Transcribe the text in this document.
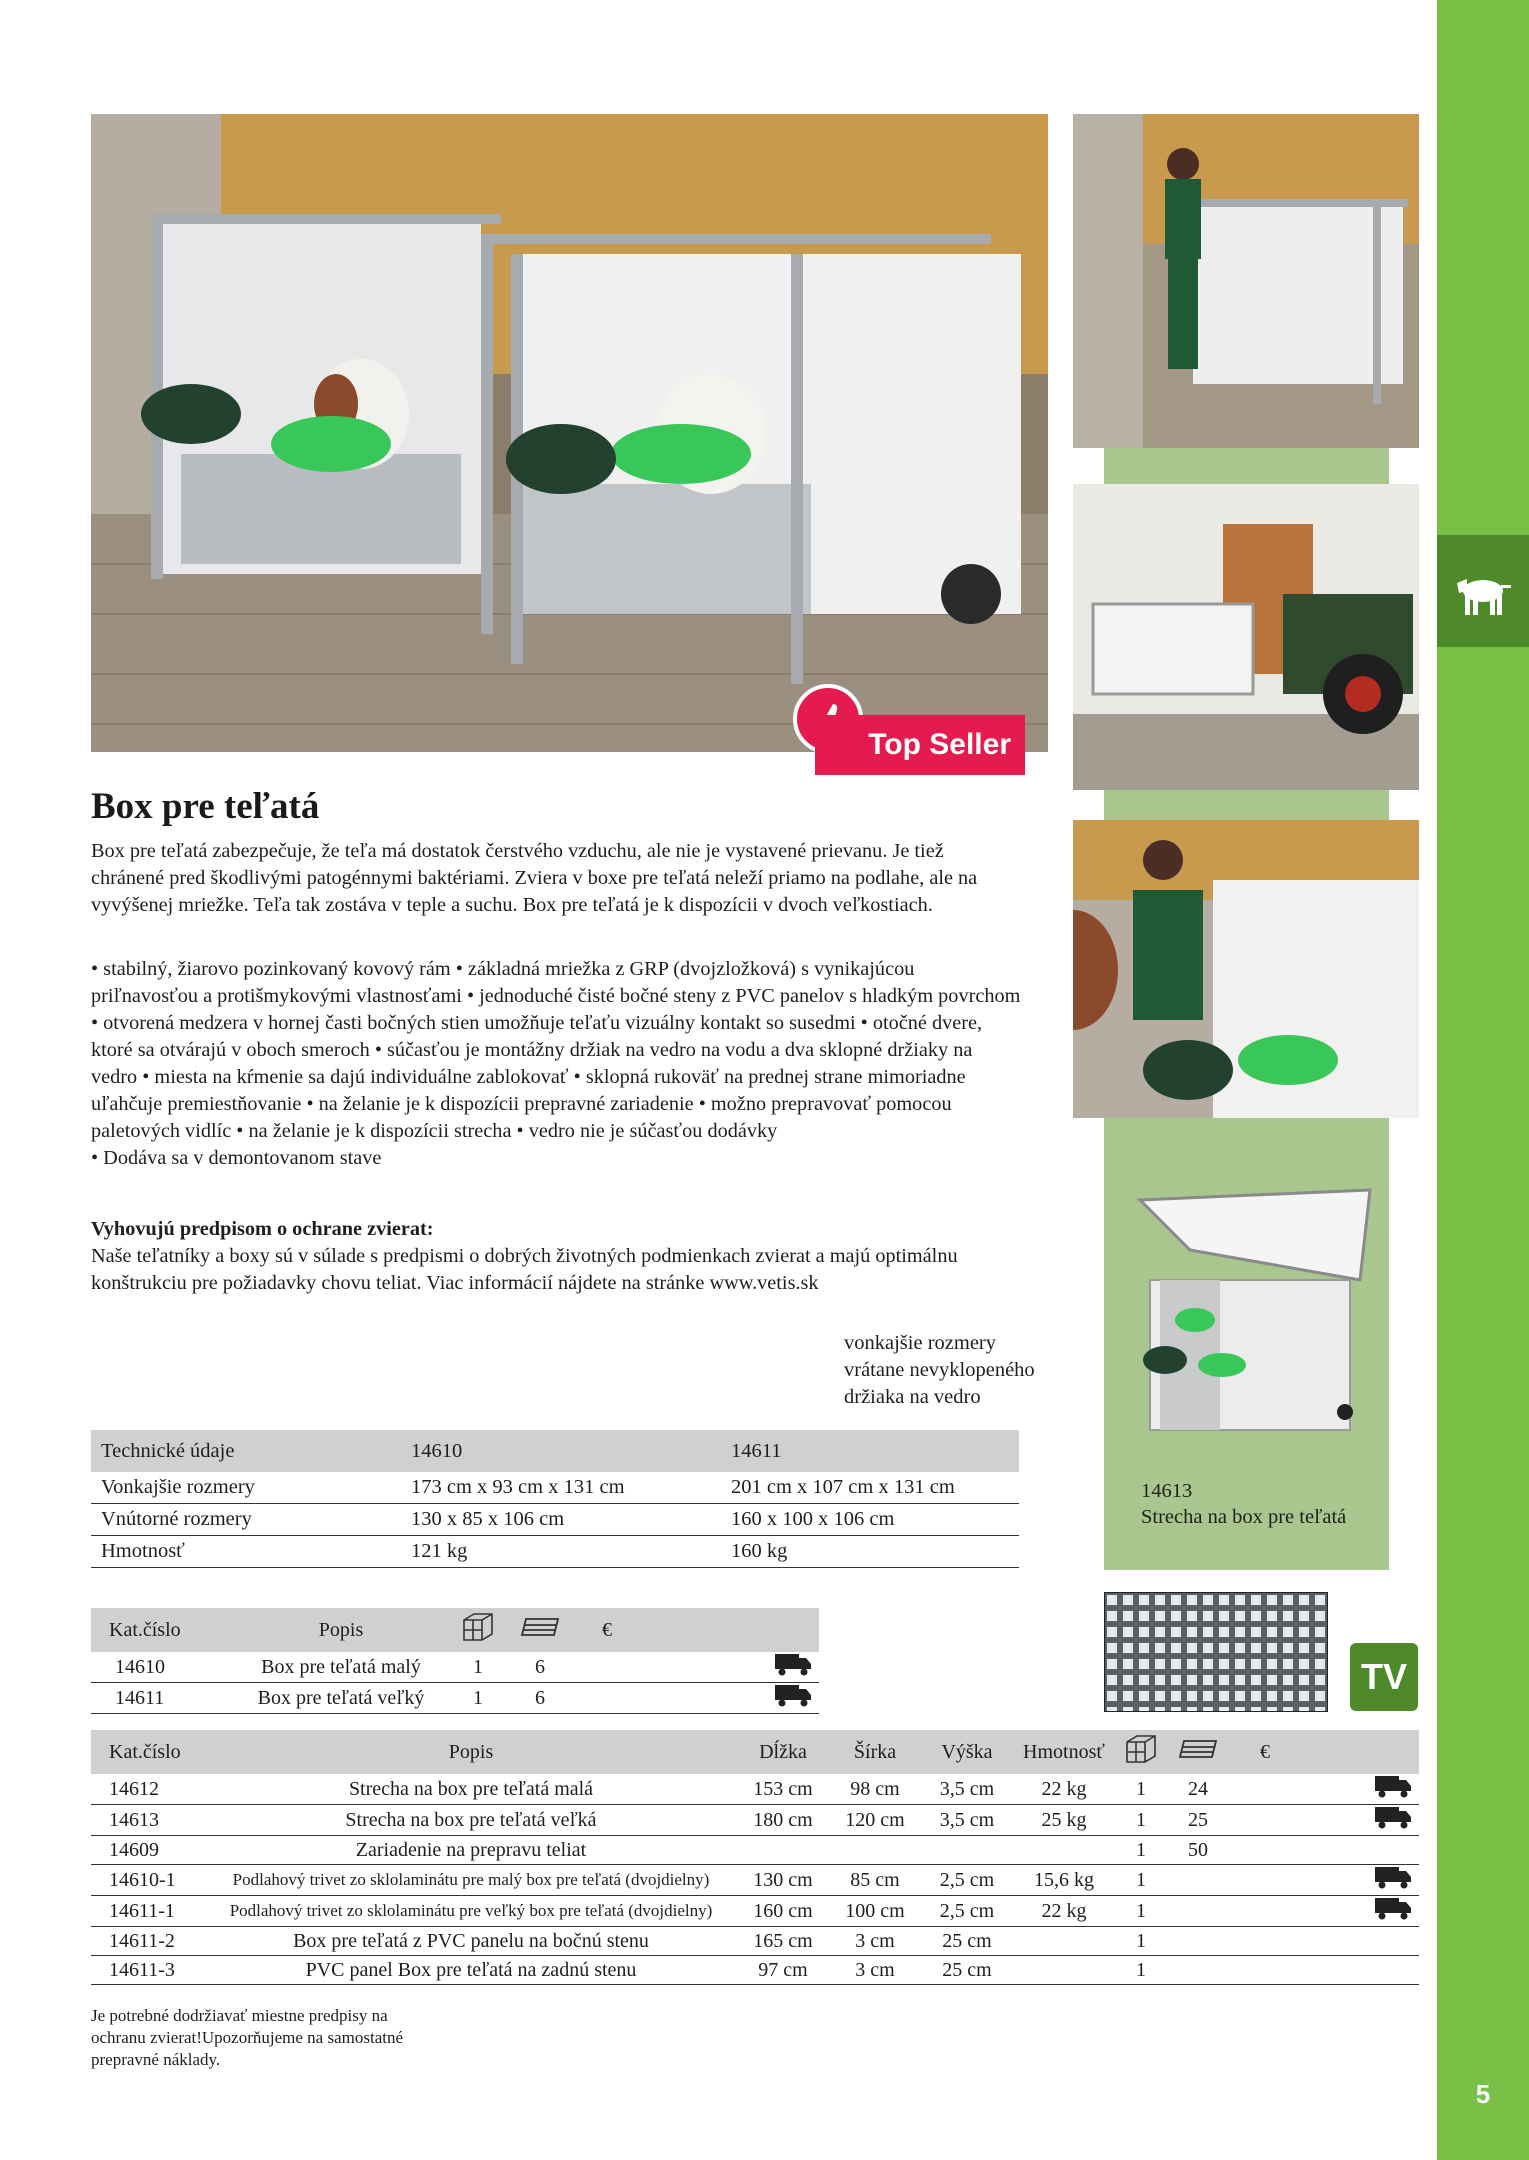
5
Top Seller
14613
Strecha na box pre teľatá
TV
Box pre teľatá

Box pre teľatá zabezpečuje, že teľa má dostatok čerstvého vzduchu, ale nie je vystavené prievanu. Je tiež chránené pred škodlivými patogénnymi baktériami. Zviera v boxe pre teľatá neleží priamo na podlahe, ale na vyvýšenej mriežke. Teľa tak zostáva v teple a suchu. Box pre teľatá je k dispozícii v dvoch veľkostiach.

• stabilný, žiarovo pozinkovaný kovový rám • základná mriežka z GRP (dvojzložková) s vynikajúcou priľnavosťou a protišmykovými vlastnosťami • jednoduché čisté bočné steny z PVC panelov s hladkým povrchom • otvorená medzera v hornej časti bočných stien umožňuje teľaťu vizuálny kontakt so susedmi • otočné dvere, ktoré sa otvárajú v oboch smeroch • súčasťou je montážny držiak na vedro na vodu a dva sklopné držiaky na vedro • miesta na kŕmenie sa dajú individuálne zablokovať • sklopná rukoväť na prednej strane mimoriadne uľahčuje premiestňovanie • na želanie je k dispozícii prepravné zariadenie • možno prepravovať pomocou paletových vidlíc • na želanie je k dispozícii strecha • vedro nie je súčasťou dodávky

• Dodáva sa v demontovanom stave

Vyhovujú predpisom o ochrane zvierat:

Naše teľatníky a boxy sú v súlade s predpismi o dobrých životných podmienkach zvierat a majú optimálnu konštrukciu pre požiadavky chovu teliat. Viac informácií nájdete na stránke www.vetis.sk

vonkajšie rozmery
vrátane nevyklopeného
držiaka na vedro
Technické údaje	14610	14611
Vonkajšie rozmery	173 cm x 93 cm x 131 cm	201 cm x 107 cm x 131 cm
Vnútorné rozmery	130 x 85 x 106 cm	160 x 100 x 106 cm
Hmotnosť	121 kg	160 kg
Kat.číslo	Popis			€	
14610	Box pre teľatá malý	1	6		
14611	Box pre teľatá veľký	1	6		
Kat.číslo	Popis	Dĺžka	Šírka	Výška	Hmotnosť			€	
14612	Strecha na box pre teľatá malá	153 cm	98 cm	3,5 cm	22 kg	1	24		
14613	Strecha na box pre teľatá veľká	180 cm	120 cm	3,5 cm	25 kg	1	25		
14609	Zariadenie na prepravu teliat					1	50		
14610-1	Podlahový trivet zo sklolaminátu pre malý box pre teľatá (dvojdielny)	130 cm	85 cm	2,5 cm	15,6 kg	1			
14611-1	Podlahový trivet zo sklolaminátu pre veľký box pre teľatá (dvojdielny)	160 cm	100 cm	2,5 cm	22 kg	1			
14611-2	Box pre teľatá z PVC panelu na bočnú stenu	165 cm	3 cm	25 cm		1			
14611-3	PVC panel Box pre teľatá na zadnú stenu	97 cm	3 cm	25 cm		1			
Je potrebné dodržiavať miestne predpisy na
ochranu zvierat!Upozorňujeme na samostatné
prepravné náklady.
